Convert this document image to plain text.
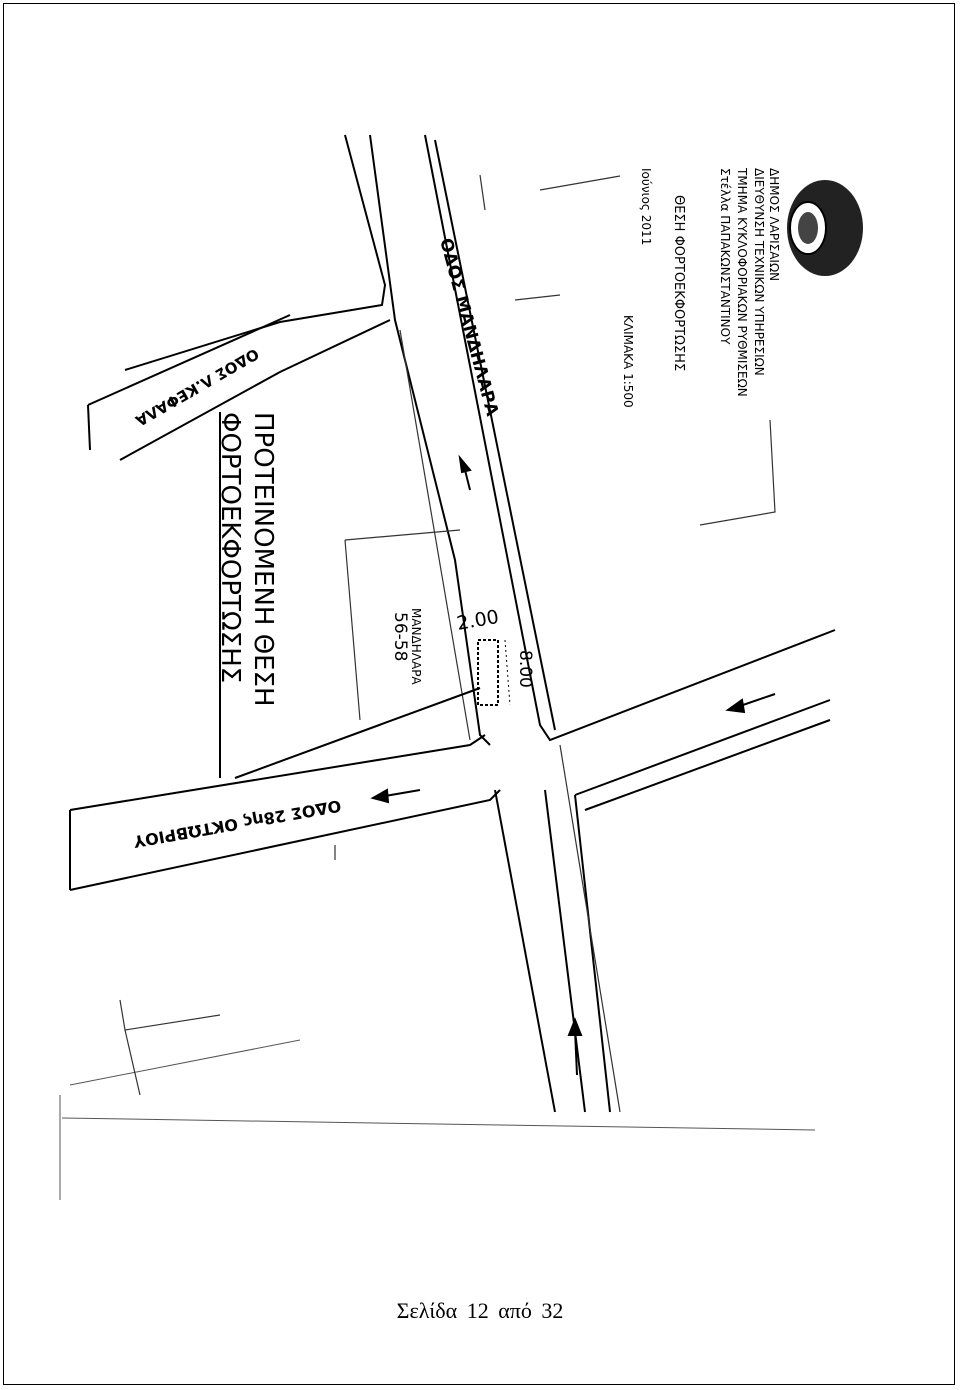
ΔΗΜΟΣ ΛΑΡΙΣΑΙΩΝ
ΔΙΕΥΘΥΝΣΗ ΤΕΧΝΙΚΩΝ ΥΠΗΡΕΣΙΩΝ
ΤΜΗΜΑ ΚΥΚΛΟΦΟΡΙΑΚΩΝ ΡΥΘΜΙΣΕΩΝ
Στέλλα ΠΑΠΑΚΩΝΣΤΑΝΤΙΝΟΥ
ΘΕΣΗ ΦΟΡΤΟΕΚΦΟΡΤΩΣΗΣ
Ιούνιος 2011
ΚΛΙΜΑΚΑ 1:500
ΟΔΟΣ ΜΑΝΔΗΛΑΡΑ
ΟΔΟΣ Λ.ΚΕΦΑΛΑ
ΟΔΟΣ 28ης ΟΚΤΩΒΡΙΟΥ
ΠΡΟΤΕΙΝΟΜΕΝΗ ΘΕΣΗ
ΦΟΡΤΟΕΚΦΟΡΤΩΣΗΣ	ΜΑΝΔΗΛΑΡΑ
56-58 2.00
8.00
Σελίδα 12 από 32
